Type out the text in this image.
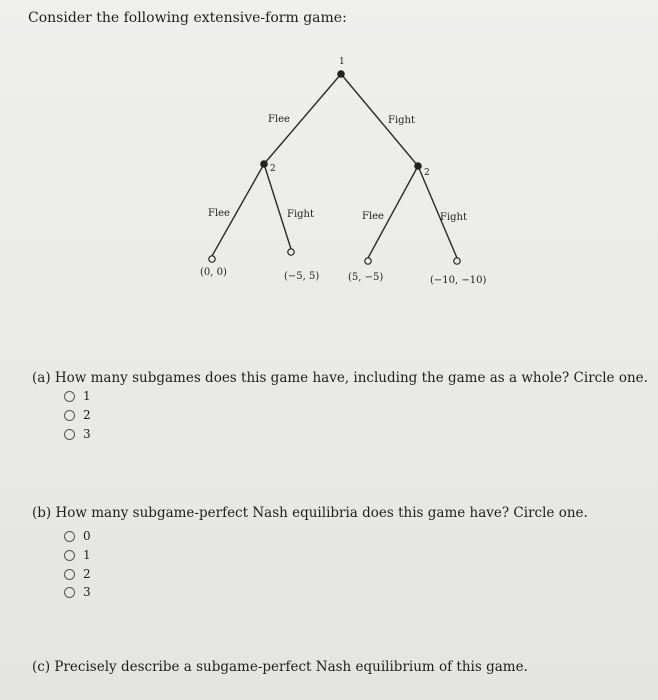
Consider the following extensive-form game:
1
2	2
Flee	Fight
Flee	Fight	Flee	Fight
(0, 0)	(−5, 5)	(5, −5)	(−10, −10)
(a) How many subgames does this game have, including the game as a whole? Circle one.
1
2
3
(b) How many subgame-perfect Nash equilibria does this game have? Circle one.
0
1
2
3
(c) Precisely describe a subgame-perfect Nash equilibrium of this game.
